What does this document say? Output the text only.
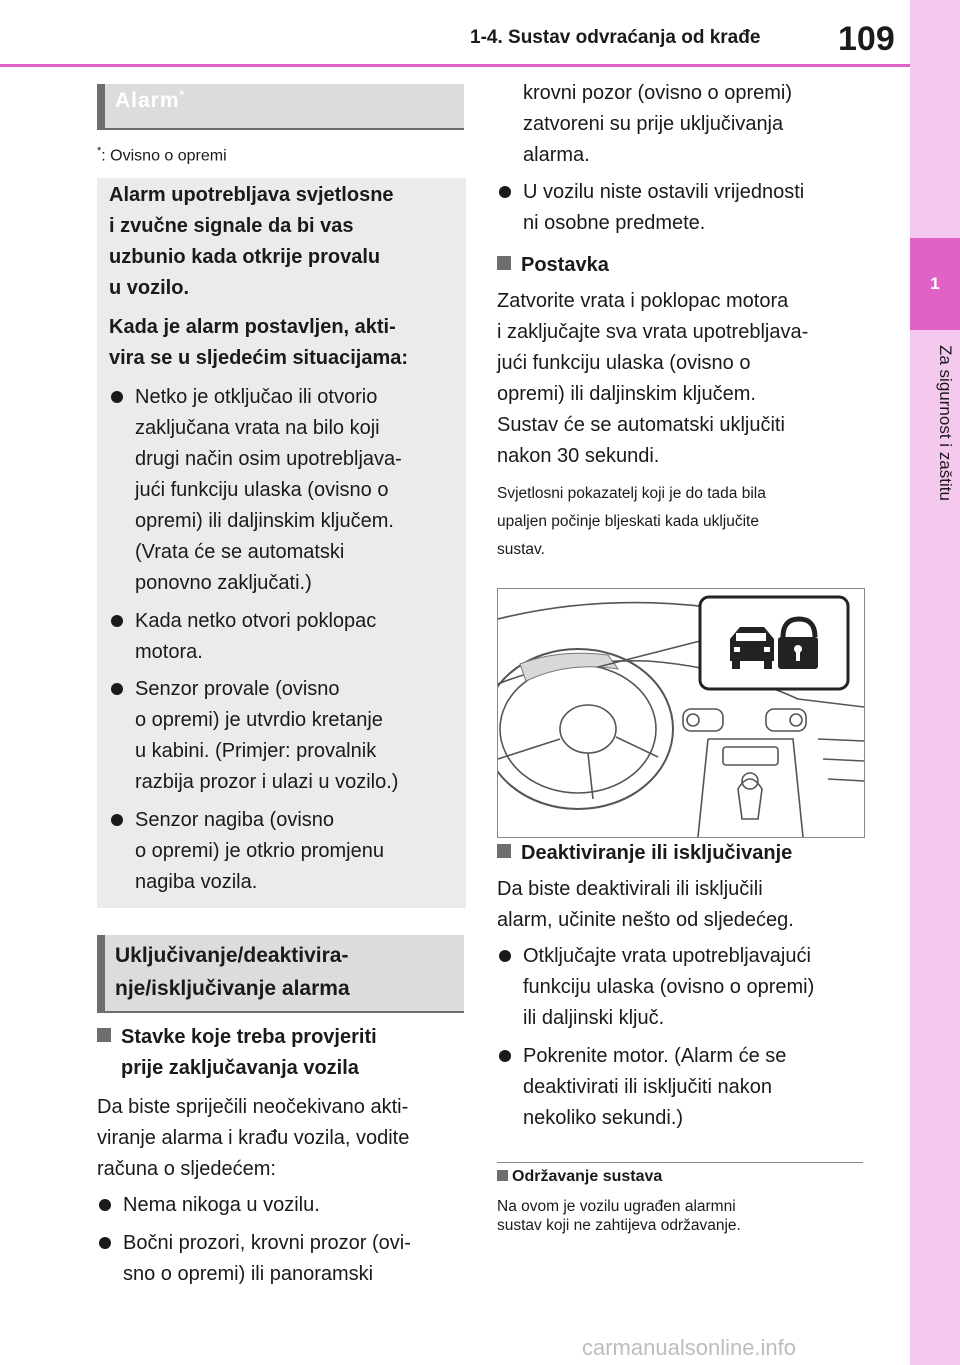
1-4. Sustav odvraćanja od krađe 109
1
Za sigurnost i zaštitu
Alarm*
*: Ovisno o opremi
Alarm upotrebljava svjetlosne
i zvučne signale da bi vas
uzbunio kada otkrije provalu
u vozilo.
Kada je alarm postavljen, akti-
vira se u sljedećim situacijama:
Netko je otključao ili otvorio
zaključana vrata na bilo koji
drugi način osim upotrebljava-
jući funkciju ulaska (ovisno o
opremi) ili daljinskim ključem.
(Vrata će se automatski
ponovno zaključati.)
Kada netko otvori poklopac
motora.
Senzor provale (ovisno
o opremi) je utvrdio kretanje
u kabini. (Primjer: provalnik
razbija prozor i ulazi u vozilo.)
Senzor nagiba (ovisno
o opremi) je otkrio promjenu
nagiba vozila.
Uključivanje/deaktivira-
nje/isključivanje alarma
Stavke koje treba provjeriti
prije zaključavanja vozila
Da biste spriječili neočekivano akti-
viranje alarma i krađu vozila, vodite
računa o sljedećem:
Nema nikoga u vozilu.
Bočni prozori, krovni prozor (ovi-
sno o opremi) ili panoramski
krovni pozor (ovisno o opremi)
zatvoreni su prije uključivanja
alarma.
U vozilu niste ostavili vrijednosti
ni osobne predmete.
Postavka
Zatvorite vrata i poklopac motora
i zaključajte sva vrata upotrebljava-
jući funkciju ulaska (ovisno o
opremi) ili daljinskim ključem.
Sustav će se automatski uključiti
nakon 30 sekundi.
Svjetlosni pokazatelj koji je do tada bila
upaljen počinje bljeskati kada uključite
sustav.
Deaktiviranje ili isključivanje
Da biste deaktivirali ili isključili
alarm, učinite nešto od sljedećeg.
Otključajte vrata upotrebljavajući
funkciju ulaska (ovisno o opremi)
ili daljinski ključ.
Pokrenite motor. (Alarm će se
deaktivirati ili isključiti nakon
nekoliko sekundi.)
Održavanje sustava
Na ovom je vozilu ugrađen alarmni
sustav koji ne zahtijeva održavanje.
carmanualsonline.info
